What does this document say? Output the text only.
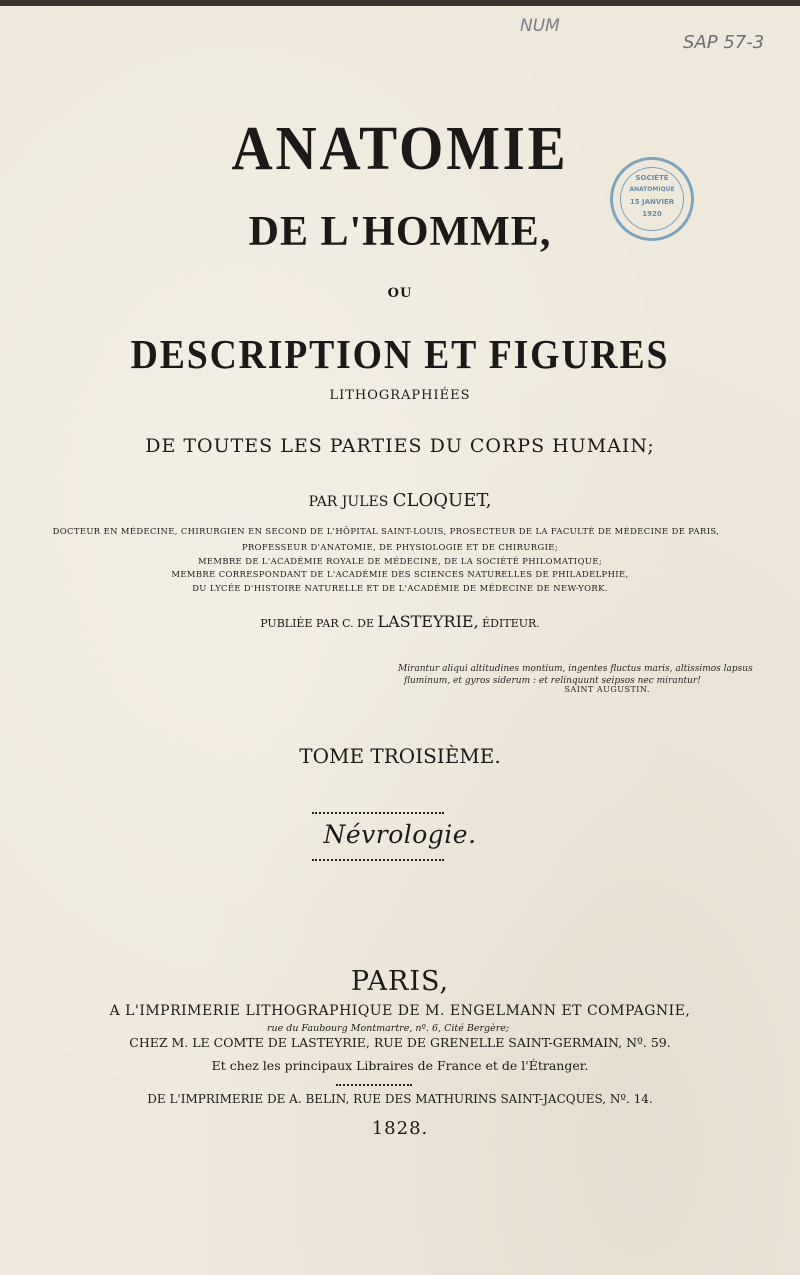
NUM
SAP 57-3
SOCIÉTÉ
ANATOMIQUE
15 JANVIER
1920
ANATOMIE
DE L'HOMME,
OU
DESCRIPTION ET FIGURES
LITHOGRAPHIÉES
DE TOUTES LES PARTIES DU CORPS HUMAIN;
PAR JULES CLOQUET,
DOCTEUR EN MÉDECINE, CHIRURGIEN EN SECOND DE L'HÔPITAL SAINT-LOUIS, PROSECTEUR DE LA FACULTÉ DE MÉDECINE DE PARIS,
PROFESSEUR D'ANATOMIE, DE PHYSIOLOGIE ET DE CHIRURGIE;
MEMBRE DE L'ACADÉMIE ROYALE DE MÉDECINE, DE LA SOCIÉTÉ PHILOMATIQUE;
MEMBRE CORRESPONDANT DE L'ACADÉMIE DES SCIENCES NATURELLES DE PHILADELPHIE,
DU LYCÉE D'HISTOIRE NATURELLE ET DE L'ACADÉMIE DE MÉDECINE DE NEW-YORK.
PUBLIÉE PAR C. DE LASTEYRIE, ÉDITEUR.
Mirantur aliqui altitudines montium, ingentes fluctus maris, altissimos lapsus
fluminum, et gyros siderum : et relinquunt seipsos nec mirantur!
SAINT AUGUSTIN.
TOME TROISIÈME.
Névrologie.
PARIS,
A L'IMPRIMERIE LITHOGRAPHIQUE DE M. ENGELMANN ET COMPAGNIE,
rue du Faubourg Montmartre, nº. 6, Cité Bergère;
CHEZ M. LE COMTE DE LASTEYRIE, RUE DE GRENELLE SAINT-GERMAIN, Nº. 59.
Et chez les principaux Libraires de France et de l'Étranger.
DE L'IMPRIMERIE DE A. BELIN, RUE DES MATHURINS SAINT-JACQUES, Nº. 14.
1828.
